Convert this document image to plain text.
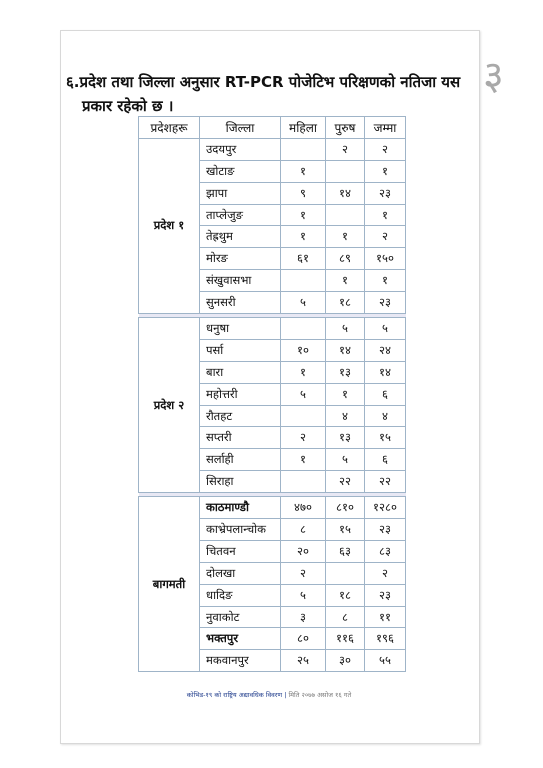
३
६.प्रदेश तथा जिल्ला अनुसार RT-PCR पोजेटिभ परिक्षणको नतिजा यस
प्रकार रहेको छ ।
प्रदेशहरू	जिल्ला	महिला	पुरुष	जम्मा
प्रदेश १	उदयपुर		२	२
	खोटाङ	१		१
	झापा	९	१४	२३
	ताप्लेजुङ	१		१
	तेह्रथुम	१	१	२
	मोरङ	६१	८९	१५०
	संखुवासभा		१	१
	सुनसरी	५	१८	२३

प्रदेश २	धनुषा		५	५
	पर्सा	१०	१४	२४
	बारा	१	१३	१४
	महोत्तरी	५	१	६
	रौतहट		४	४
	सप्तरी	२	१३	१५
	सर्लाही	१	५	६
	सिराहा		२२	२२

बागमती	काठमाण्डौ	४७०	८१०	१२८०
	काभ्रेपलान्चोक	८	१५	२३
	चितवन	२०	६३	८३
	दोलखा	२		२
	धादिङ	५	१८	२३
	नुवाकोट	३	८	११
	भक्तपुर	८०	११६	१९६
	मकवानपुर	२५	३०	५५
कोभिड-१९ को राष्ट्रिय अद्यावधिक विवरण | मिति २०७७ असोज १६ गते
